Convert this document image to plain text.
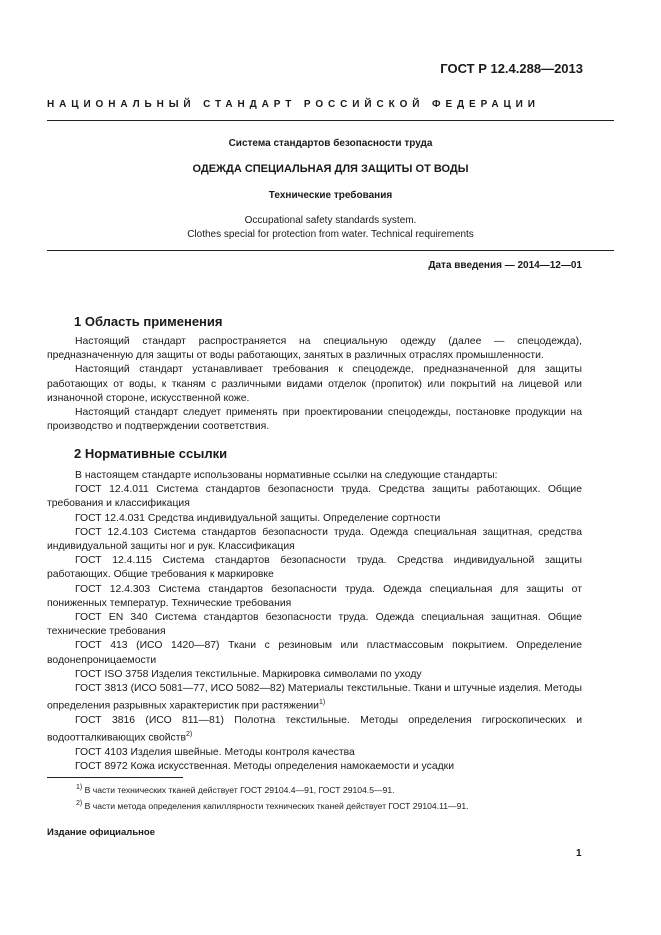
ГОСТ Р 12.4.288—2013
НАЦИОНАЛЬНЫЙ СТАНДАРТ РОССИЙСКОЙ ФЕДЕРАЦИИ
Система стандартов безопасности труда
ОДЕЖДА СПЕЦИАЛЬНАЯ ДЛЯ ЗАЩИТЫ ОТ ВОДЫ
Технические требования
Occupational safety standards system.
Clothes special for protection from water. Technical requirements
Дата введения — 2014—12—01
1 Область применения

Настоящий стандарт распространяется на специальную одежду (далее — спецодежда), предназначенную для защиты от воды работающих, занятых в различных отраслях промышленности.

Настоящий стандарт устанавливает требования к спецодежде, предназначенной для защиты работающих от воды, к тканям с различными видами отделок (пропиток) или покрытий на лицевой или изнаночной стороне, искусственной коже.

Настоящий стандарт следует применять при проектировании спецодежды, постановке продукции на производство и подтверждении соответствия.

2 Нормативные ссылки

В настоящем стандарте использованы нормативные ссылки на следующие стандарты:

ГОСТ 12.4.011 Система стандартов безопасности труда. Средства защиты работающих. Общие требования и классификация

ГОСТ 12.4.031 Средства индивидуальной защиты. Определение сортности

ГОСТ 12.4.103 Система стандартов безопасности труда. Одежда специальная защитная, средства индивидуальной защиты ног и рук. Классификация

ГОСТ 12.4.115 Система стандартов безопасности труда. Средства индивидуальной защиты работающих. Общие требования к маркировке

ГОСТ 12.4.303 Система стандартов безопасности труда. Одежда специальная для защиты от пониженных температур. Технические требования

ГОСТ EN 340 Система стандартов безопасности труда. Одежда специальная защитная. Общие технические требования

ГОСТ 413 (ИСО 1420—87) Ткани с резиновым или пластмассовым покрытием. Определение водонепроницаемости

ГОСТ ISO 3758 Изделия текстильные. Маркировка символами по уходу

ГОСТ 3813 (ИСО 5081—77, ИСО 5082—82) Материалы текстильные. Ткани и штучные изделия. Методы определения разрывных характеристик при растяжении$^{1)}$

ГОСТ 3816 (ИСО 811—81) Полотна текстильные. Методы определения гигроскопических и водоотталкивающих свойств$^{2)}$

ГОСТ 4103 Изделия швейные. Методы контроля качества

ГОСТ 8972 Кожа искусственная. Методы определения намокаемости и усадки

$^{1)}$ В части технических тканей действует ГОСТ 29104.4—91, ГОСТ 29104.5—91.
$^{2)}$ В части метода определения капиллярности технических тканей действует ГОСТ 29104.11—91.
Издание официальное
1
